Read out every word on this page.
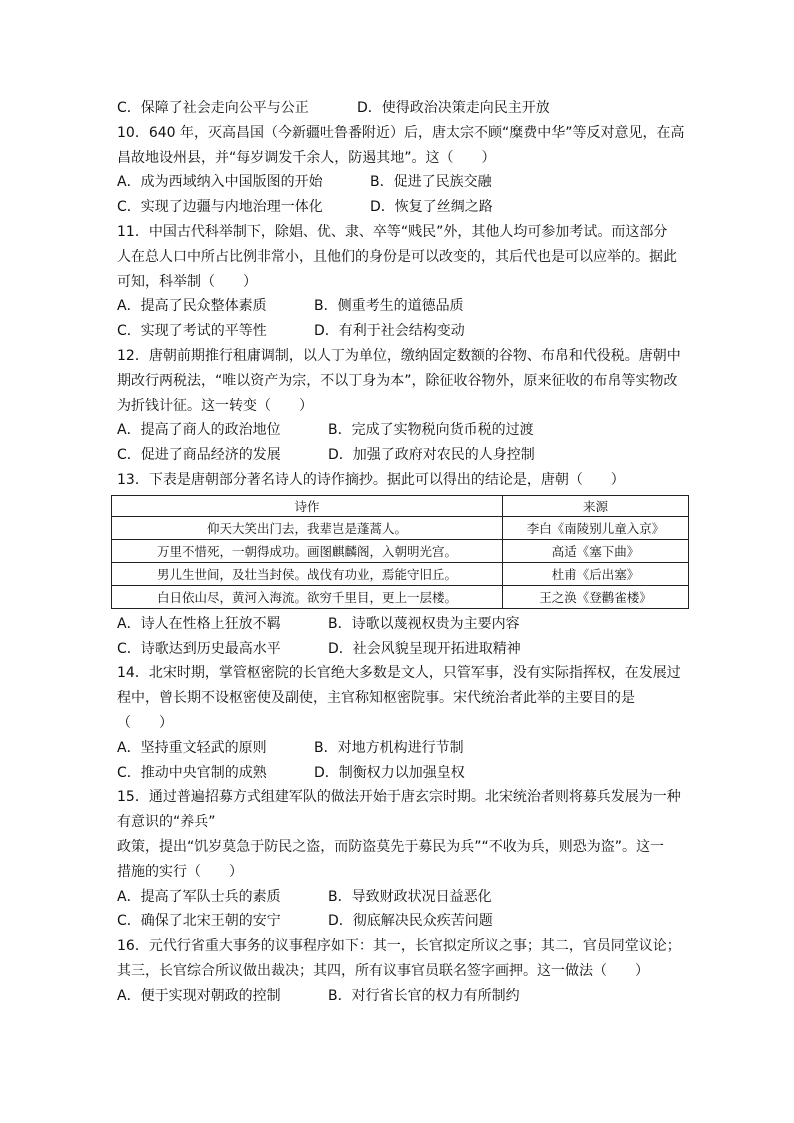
C．保障了社会走向公平与公正	D．使得政治决策走向民主开放
10．640 年，灭高昌国（今新疆吐鲁番附近）后，唐太宗不顾“糜费中华”等反对意见，在高
昌故地设州县，并“每岁调发千余人，防遏其地”。这（　　）
A．成为西域纳入中国版图的开始	B．促进了民族交融
C．实现了边疆与内地治理一体化	D．恢复了丝绸之路
11．中国古代科举制下，除娼、优、隶、卒等“贱民”外，其他人均可参加考试。而这部分
人在总人口中所占比例非常小，且他们的身份是可以改变的，其后代也是可以应举的。据此
可知，科举制（　　）
A．提高了民众整体素质	B．侧重考生的道德品质
C．实现了考试的平等性	D．有利于社会结构变动
12．唐朝前期推行租庸调制，以人丁为单位，缴纳固定数额的谷物、布帛和代役税。唐朝中
期改行两税法，“唯以资产为宗，不以丁身为本”，除征收谷物外，原来征收的布帛等实物改
为折钱计征。这一转变（　　）
A．提高了商人的政治地位	B．完成了实物税向货币税的过渡
C．促进了商品经济的发展	D．加强了政府对农民的人身控制
13．下表是唐朝部分著名诗人的诗作摘抄。据此可以得出的结论是，唐朝（　　）
诗作	来源
仰天大笑出门去，我辈岂是蓬蒿人。	李白《南陵别儿童入京》
万里不惜死，一朝得成功。画图麒麟阁，入朝明光宫。	高适《塞下曲》
男儿生世间，及壮当封侯。战伐有功业，焉能守旧丘。	杜甫《后出塞》
白日依山尽，黄河入海流。欲穷千里目，更上一层楼。	王之涣《登鹳雀楼》
A．诗人在性格上狂放不羁	B．诗歌以蔑视权贵为主要内容
C．诗歌达到历史最高水平	D．社会风貌呈现开拓进取精神
14．北宋时期，掌管枢密院的长官绝大多数是文人，只管军事，没有实际指挥权，在发展过
程中，曾长期不设枢密使及副使，主官称知枢密院事。宋代统治者此举的主要目的是
（　　）
A．坚持重文轻武的原则	B．对地方机构进行节制
C．推动中央官制的成熟	D．制衡权力以加强皇权
15．通过普遍招募方式组建军队的做法开始于唐玄宗时期。北宋统治者则将募兵发展为一种
有意识的“养兵”
政策，提出“饥岁莫急于防民之盗，而防盗莫先于募民为兵”“不收为兵，则恐为盗”。这一
措施的实行（　　）
A．提高了军队士兵的素质	B．导致财政状况日益恶化
C．确保了北宋王朝的安宁	D．彻底解决民众疾苦问题
16．元代行省重大事务的议事程序如下：其一，长官拟定所议之事；其二，官员同堂议论；
其三，长官综合所议做出裁决；其四，所有议事官员联名签字画押。这一做法（　　）
A．便于实现对朝政的控制	B．对行省长官的权力有所制约
